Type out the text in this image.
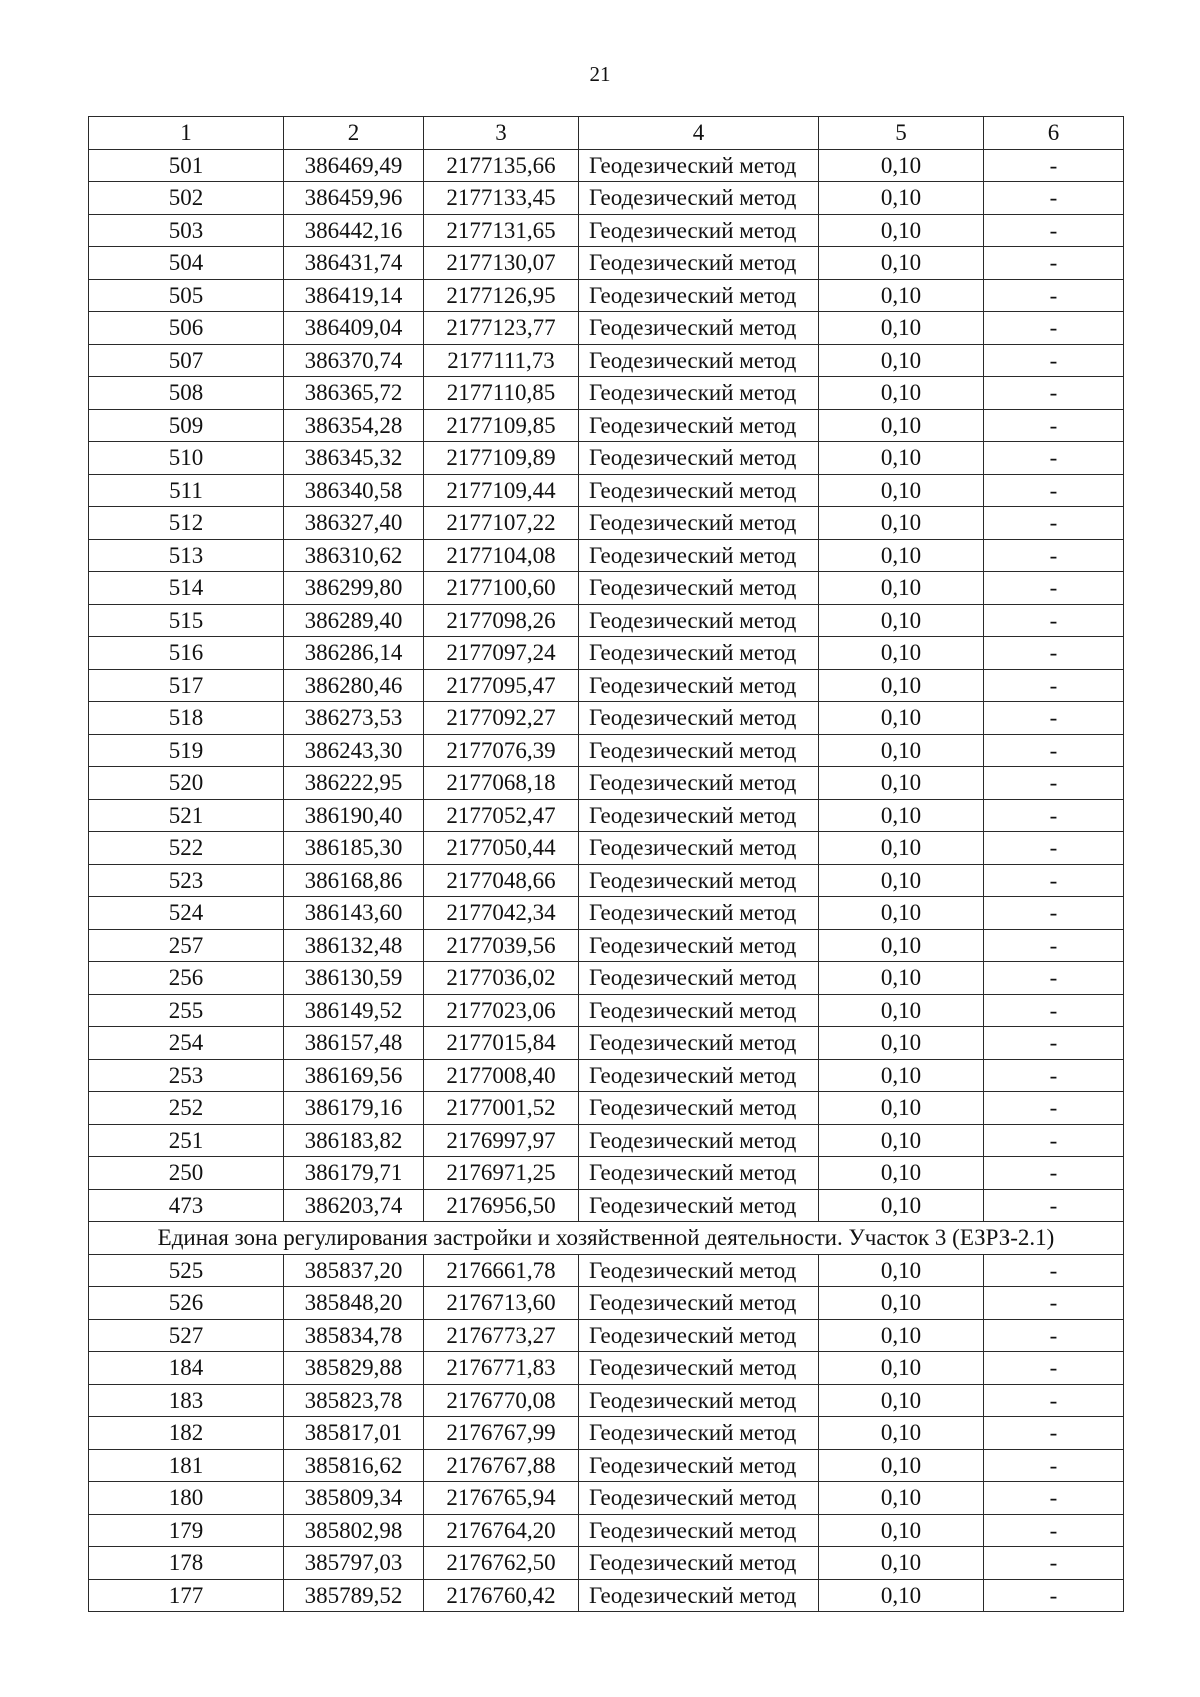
21
1	2	3	4	5	6
501	386469,49	2177135,66	Геодезический метод	0,10	-
502	386459,96	2177133,45	Геодезический метод	0,10	-
503	386442,16	2177131,65	Геодезический метод	0,10	-
504	386431,74	2177130,07	Геодезический метод	0,10	-
505	386419,14	2177126,95	Геодезический метод	0,10	-
506	386409,04	2177123,77	Геодезический метод	0,10	-
507	386370,74	2177111,73	Геодезический метод	0,10	-
508	386365,72	2177110,85	Геодезический метод	0,10	-
509	386354,28	2177109,85	Геодезический метод	0,10	-
510	386345,32	2177109,89	Геодезический метод	0,10	-
511	386340,58	2177109,44	Геодезический метод	0,10	-
512	386327,40	2177107,22	Геодезический метод	0,10	-
513	386310,62	2177104,08	Геодезический метод	0,10	-
514	386299,80	2177100,60	Геодезический метод	0,10	-
515	386289,40	2177098,26	Геодезический метод	0,10	-
516	386286,14	2177097,24	Геодезический метод	0,10	-
517	386280,46	2177095,47	Геодезический метод	0,10	-
518	386273,53	2177092,27	Геодезический метод	0,10	-
519	386243,30	2177076,39	Геодезический метод	0,10	-
520	386222,95	2177068,18	Геодезический метод	0,10	-
521	386190,40	2177052,47	Геодезический метод	0,10	-
522	386185,30	2177050,44	Геодезический метод	0,10	-
523	386168,86	2177048,66	Геодезический метод	0,10	-
524	386143,60	2177042,34	Геодезический метод	0,10	-
257	386132,48	2177039,56	Геодезический метод	0,10	-
256	386130,59	2177036,02	Геодезический метод	0,10	-
255	386149,52	2177023,06	Геодезический метод	0,10	-
254	386157,48	2177015,84	Геодезический метод	0,10	-
253	386169,56	2177008,40	Геодезический метод	0,10	-
252	386179,16	2177001,52	Геодезический метод	0,10	-
251	386183,82	2176997,97	Геодезический метод	0,10	-
250	386179,71	2176971,25	Геодезический метод	0,10	-
473	386203,74	2176956,50	Геодезический метод	0,10	-
Единая зона регулирования застройки и хозяйственной деятельности. Участок 3 (ЕЗРЗ-2.1)					
525	385837,20	2176661,78	Геодезический метод	0,10	-
526	385848,20	2176713,60	Геодезический метод	0,10	-
527	385834,78	2176773,27	Геодезический метод	0,10	-
184	385829,88	2176771,83	Геодезический метод	0,10	-
183	385823,78	2176770,08	Геодезический метод	0,10	-
182	385817,01	2176767,99	Геодезический метод	0,10	-
181	385816,62	2176767,88	Геодезический метод	0,10	-
180	385809,34	2176765,94	Геодезический метод	0,10	-
179	385802,98	2176764,20	Геодезический метод	0,10	-
178	385797,03	2176762,50	Геодезический метод	0,10	-
177	385789,52	2176760,42	Геодезический метод	0,10	-
